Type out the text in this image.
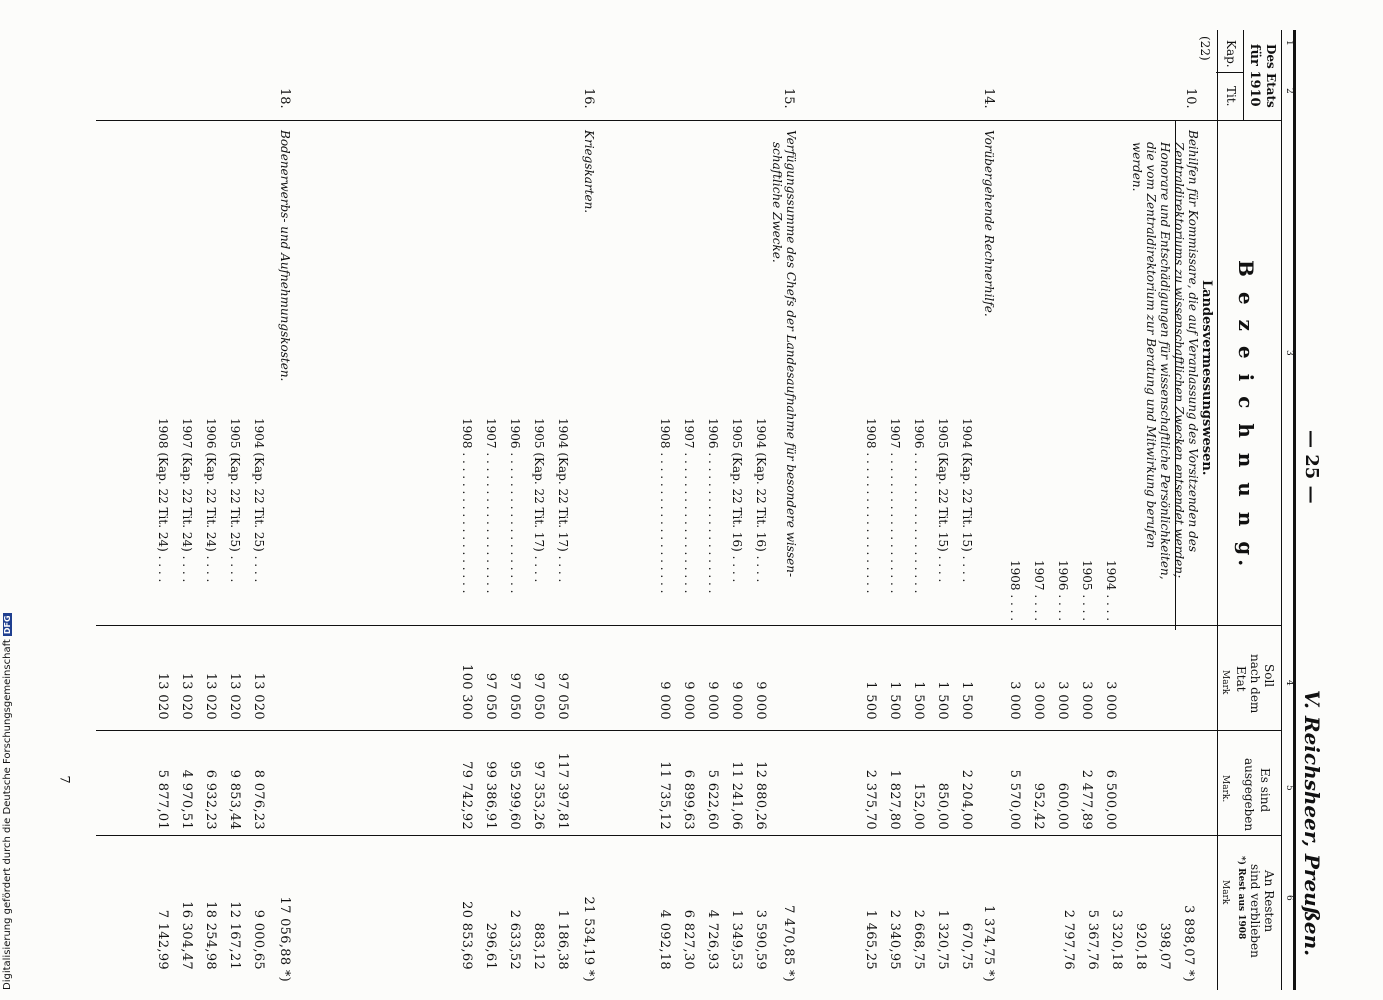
Digitalisierung gefördert durch die Deutsche ForschungsgemeinschaftDFG
7
— 25 —
V. Reichsheer, Preußen.
1
2
3
4
5
6
Des Etats
für 1910
Kap.
Tit.
B e z e i c h n u n g.
Soll
nach dem
Etat
Mark
Es sind
ausgegeben
Mark.
An Resten
sind verblieben
*) Rest aus 1908
Mark
(22)
Landesvermessungswesen.
10.
Beihilfen für Kommissare, die auf Veranlassung des Vorsitzenden des
Zentraldirektoriums zu wissenschaftlichen Zwecken entsendet werden;
Honorare und Entschädigungen für wissenschaftliche Persönlichkeiten,
die vom Zentraldirektorium zur Beratung und Mitwirkung berufen
werden.
3 898,07 *)
1904 . . . .
1905 . . . .
1906 . . . .
1907 . . . .
1908 . . . .
3 000
3 000
3 000
3 000
3 000
6 500,00
2 477,89
600,00
952,42
5 570,00
398,07
920,18
3 320,18
5 367,76
2 797,76
14.
Vorübergehende Rechnerhilfe.
1 374,75 *)
1904 (Kap. 22 Tit. 15) . . . .
1905 (Kap. 22 Tit. 15) . . . .
1906 . . . . . . . . . . . . . . . . . . .
1907 . . . . . . . . . . . . . . . . . . .
1908 . . . . . . . . . . . . . . . . . . .
1 500
1 500
1 500
1 500
1 500
2 204,00
850,00
152,00
1 827,80
2 375,70
670,75
1 320,75
2 668,75
2 340,95
1 465,25
15.
Verfügungssumme des Chefs der Landesaufnahme für besondere wissen-
schaftliche Zwecke.
7 470,85 *)
1904 (Kap. 22 Tit. 16) . . . .
1905 (Kap. 22 Tit. 16) . . . .
1906 . . . . . . . . . . . . . . . . . . .
1907 . . . . . . . . . . . . . . . . . . .
1908 . . . . . . . . . . . . . . . . . . .
9 000
9 000
9 000
9 000
9 000
12 880,26
11 241,06
5 622,60
6 899,63
11 735,12
3 590,59
1 349,53
4 726,93
6 827,30
4 092,18
16.
Kriegskarten.
21 534,19 *)
1904 (Kap. 22 Tit. 17) . . . .
1905 (Kap. 22 Tit. 17) . . . .
1906 . . . . . . . . . . . . . . . . . . .
1907 . . . . . . . . . . . . . . . . . . .
1908 . . . . . . . . . . . . . . . . . . .
97 050
97 050
97 050
97 050
100 300
117 397,81
97 353,26
95 299,60
99 386,91
79 742,92
1 186,38
883,12
2 633,52
296,61
20 853,69
18.
Bodenerwerbs- und Aufnehmungskosten.
17 056,88 *)
1904 (Kap. 22 Tit. 25) . . . .
1905 (Kap. 22 Tit. 25) . . . .
1906 (Kap. 22 Tit. 24) . . . .
1907 (Kap. 22 Tit. 24) . . . .
1908 (Kap. 22 Tit. 24) . . . .
13 020
13 020
13 020
13 020
13 020
8 076,23
9 853,44
6 932,23
4 970,51
5 877,01
9 000,65
12 167,21
18 254,98
16 304,47
7 142,99
